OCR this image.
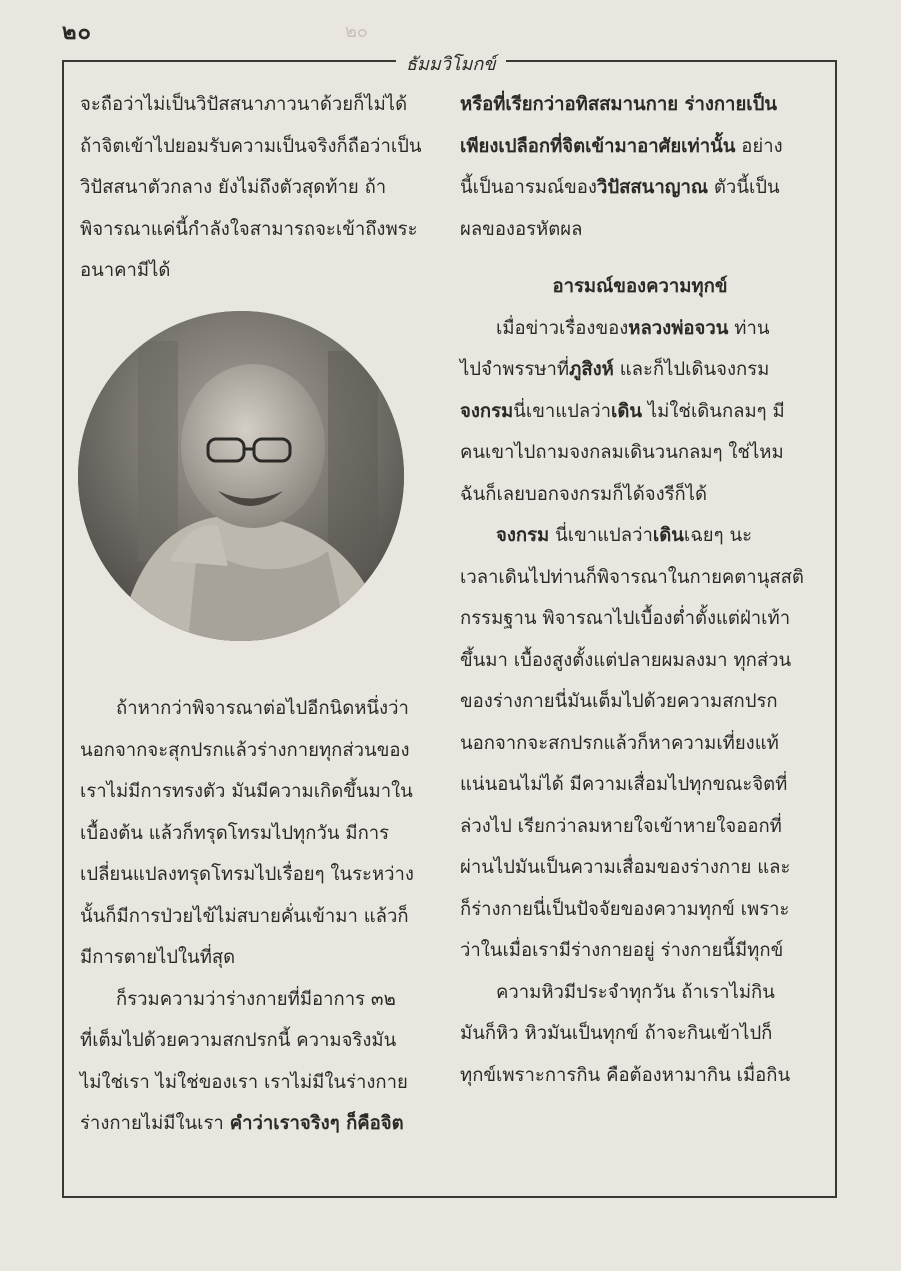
๒๐
๒๐
ธัมมวิโมกข์

จะถือว่าไม่เป็นวิปัสสนาภาวนาด้วยก็ไม่ได้

ถ้าจิตเข้าไปยอมรับความเป็นจริงก็ถือว่าเป็น

วิปัสสนาตัวกลาง ยังไม่ถึงตัวสุดท้าย ถ้า

พิจารณาแค่นี้กำลังใจสามารถจะเข้าถึงพระ

อนาคามีได้

ถ้าหากว่าพิจารณาต่อไปอีกนิดหนึ่งว่า

นอกจากจะสุกปรกแล้วร่างกายทุกส่วนของ

เราไม่มีการทรงตัว มันมีความเกิดขึ้นมาใน

เบื้องต้น แล้วก็ทรุดโทรมไปทุกวัน มีการ

เปลี่ยนแปลงทรุดโทรมไปเรื่อยๆ ในระหว่าง

นั้นก็มีการป่วยไข้ไม่สบายคั่นเข้ามา แล้วก็

มีการตายไปในที่สุด

ก็รวมความว่าร่างกายที่มีอาการ ๓๒

ที่เต็มไปด้วยความสกปรกนี้ ความจริงมัน

ไม่ใช่เรา ไม่ใช่ของเรา เราไม่มีในร่างกาย

ร่างกายไม่มีในเรา คำว่าเราจริงๆ ก็คือจิต

หรือที่เรียกว่าอทิสสมานกาย ร่างกายเป็น

เพียงเปลือกที่จิตเข้ามาอาศัยเท่านั้น อย่าง

นี้เป็นอารมณ์ของวิปัสสนาญาณ ตัวนี้เป็น

ผลของอรหัตผล

อารมณ์ของความทุกข์

เมื่อข่าวเรื่องของหลวงพ่อจวน ท่าน

ไปจำพรรษาที่ภูสิงห์ และก็ไปเดินจงกรม

จงกรมนี่เขาแปลว่าเดิน ไม่ใช่เดินกลมๆ มี

คนเขาไปถามจงกลมเดินวนกลมๆ ใช่ไหม

ฉันก็เลยบอกจงกรมก็ได้จงรีก็ได้

จงกรม นี่เขาแปลว่าเดินเฉยๆ นะ

เวลาเดินไปท่านก็พิจารณาในกายคตานุสสติ

กรรมฐาน พิจารณาไปเบื้องต่ำตั้งแต่ฝ่าเท้า

ขึ้นมา เบื้องสูงตั้งแต่ปลายผมลงมา ทุกส่วน

ของร่างกายนี่มันเต็มไปด้วยความสกปรก

นอกจากจะสกปรกแล้วก็หาความเที่ยงแท้

แน่นอนไม่ได้ มีความเสื่อมไปทุกขณะจิตที่

ล่วงไป เรียกว่าลมหายใจเข้าหายใจออกที่

ผ่านไปมันเป็นความเสื่อมของร่างกาย และ

ก็ร่างกายนี่เป็นปัจจัยของความทุกข์ เพราะ

ว่าในเมื่อเรามีร่างกายอยู่ ร่างกายนี้มีทุกข์

ความหิวมีประจำทุกวัน ถ้าเราไม่กิน

มันก็หิว หิวมันเป็นทุกข์ ถ้าจะกินเข้าไปก็

ทุกข์เพราะการกิน คือต้องหามากิน เมื่อกิน
